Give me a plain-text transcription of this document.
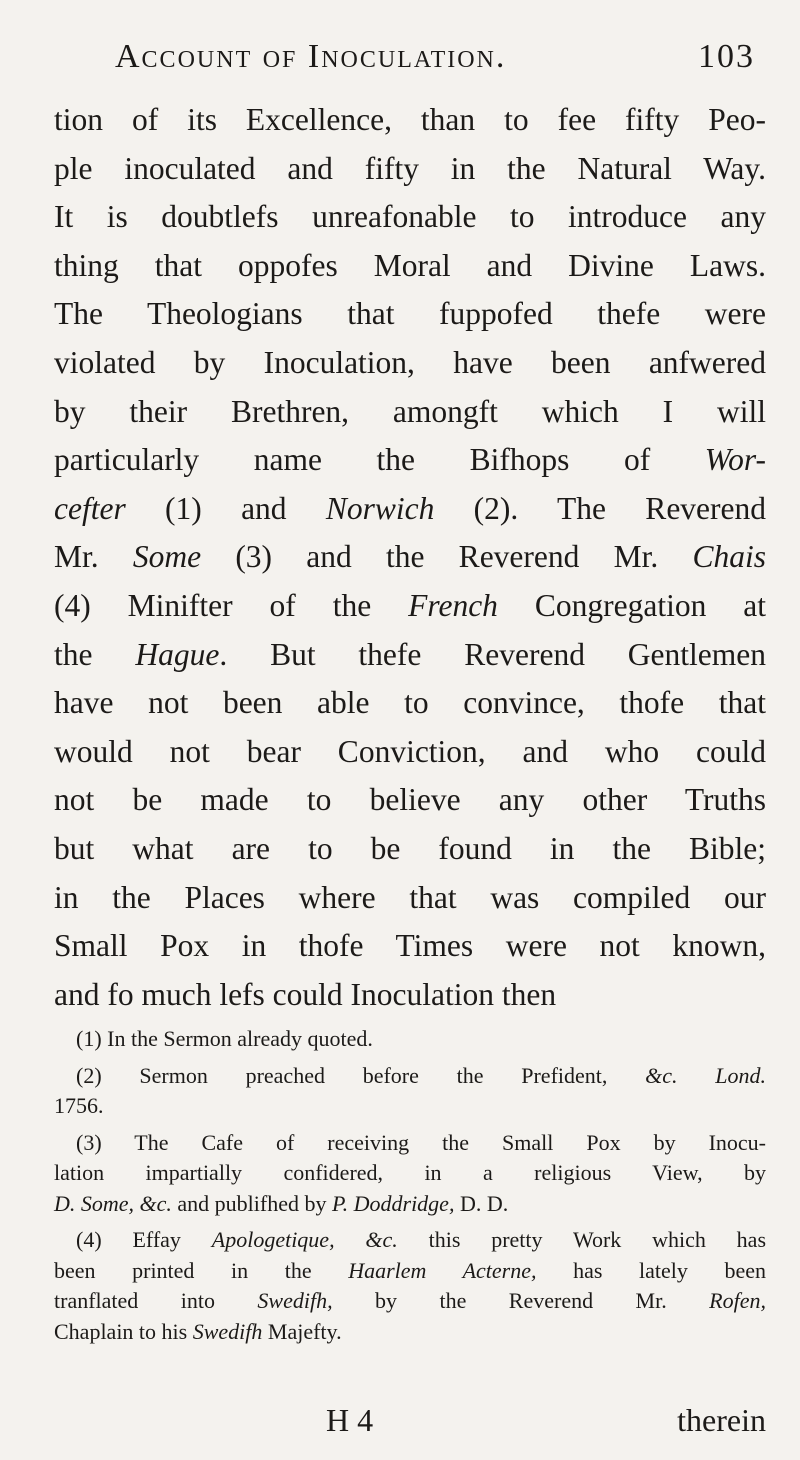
Account of Inoculation.	103
tion of its Excellence, than to fee fifty Peo-
ple inoculated and fifty in the Natural Way.
It is doubtlefs unreafonable to introduce any
thing that oppofes Moral and Divine Laws.
The Theologians that fuppofed thefe were
violated by Inoculation, have been anfwered
by their Brethren, amongft which I will
particularly name the Bifhops of Wor-
cefter (1) and Norwich (2). The Reverend
Mr. Some (3) and the Reverend Mr. Chais
(4) Minifter of the French Congregation at
the Hague. But thefe Reverend Gentlemen
have not been able to convince, thofe that
would not bear Conviction, and who could
not be made to believe any other Truths
but what are to be found in the Bible;
in the Places where that was compiled our
Small Pox in thofe Times were not known,
and fo much lefs could Inoculation then
(1) In the Sermon already quoted.
(2) Sermon preached before the Prefident, &c. Lond.
1756.
(3) The Cafe of receiving the Small Pox by Inocu-
lation impartially confidered, in a religious View, by
D. Some, &c. and publifhed by P. Doddridge, D. D.
(4) Effay Apologetique, &c. this pretty Work which has
been printed in the Haarlem Acterne, has lately been
tranflated into Swedifh, by the Reverend Mr. Rofen,
Chaplain to his Swedifh Majefty.
H 4	therein
